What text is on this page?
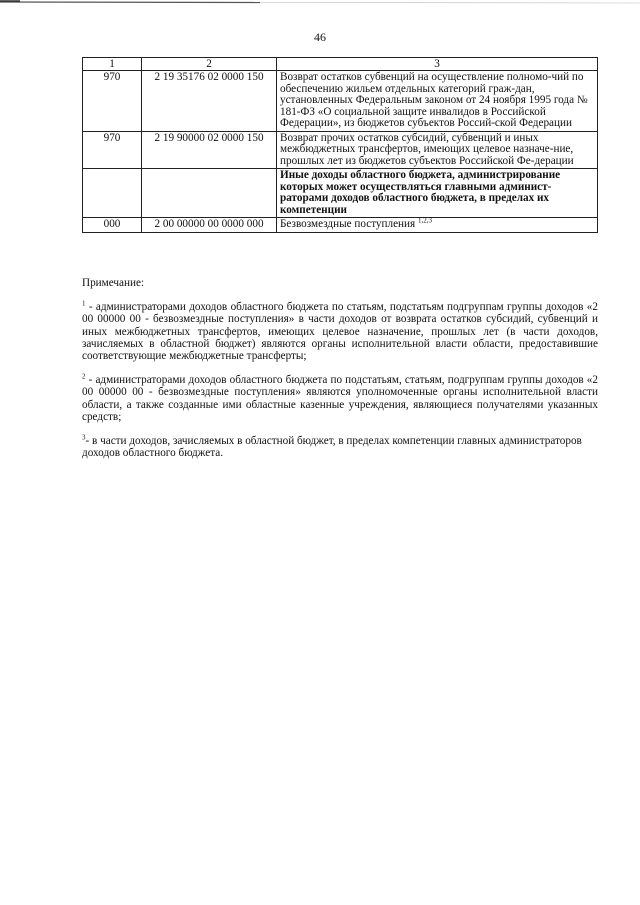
46
1	2	3
970	2 19 35176 02 0000 150	Возврат остатков субвенций на осуществление полномо-чий по обеспечению жильем отдельных категорий граж-дан, установленных Федеральным законом от 24 ноября 1995 года № 181-ФЗ «О социальной защите инвалидов в Российской Федерации», из бюджетов субъектов Россий-ской Федерации
970	2 19 90000 02 0000 150	Возврат прочих остатков субсидий, субвенций и иных межбюджетных трансфертов, имеющих целевое назначе-ние, прошлых лет из бюджетов субъектов Российской Фе-дерации
		Иные доходы областного бюджета, администрирование которых может осуществляться главными админист-раторами доходов областного бюджета, в пределах их компетенции
000	2 00 00000 00 0000 000	Безвозмездные поступления $^{1,2,3}$
Примечание:

$^1$ - администраторами доходов областного бюджета по статьям, подстатьям подгруппам группы доходов «2 00 00000 00 - безвозмездные поступления» в части доходов от возврата остатков субсидий, субвенций и иных межбюджетных трансфертов, имеющих целевое назначение, прошлых лет (в части доходов, зачисляемых в областной бюджет) являются органы исполнительной власти области, предоставившие соответствующие межбюджетные трансферты;

$^2$ - администраторами доходов областного бюджета по подстатьям, статьям, подгруппам группы доходов «2 00 00000 00 - безвозмездные поступления» являются уполномоченные органы исполнительной власти области, а также созданные ими областные казенные учреждения, являющиеся получателями указанных средств;

$^3$- в части доходов, зачисляемых в областной бюджет, в пределах компетенции главных администраторов доходов областного бюджета.
